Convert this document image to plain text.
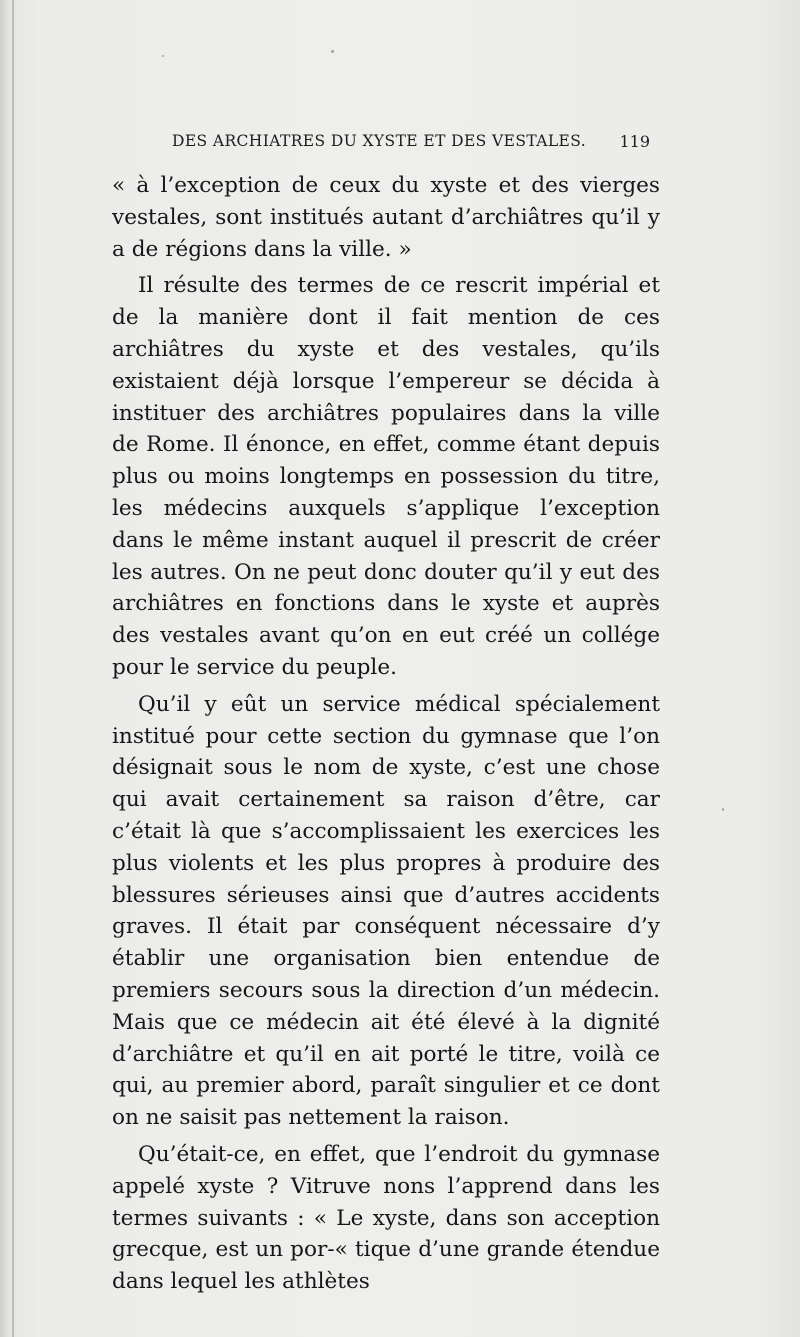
DES ARCHIATRES DU XYSTE ET DES VESTALES. 119

« à l’exception de ceux du xyste et des vierges vestales, sont institués autant d’archiâtres qu’il y a de régions dans la ville. »

Il résulte des termes de ce rescrit impérial et de la manière dont il fait mention de ces archiâtres du xyste et des vestales, qu’ils existaient déjà lorsque l’empereur se décida à instituer des archiâtres populaires dans la ville de Rome. Il énonce, en effet, comme étant depuis plus ou moins longtemps en possession du titre, les médecins auxquels s’applique l’exception dans le même instant auquel il prescrit de créer les autres. On ne peut donc douter qu’il y eut des archiâtres en fonctions dans le xyste et auprès des vestales avant qu’on en eut créé un collége pour le service du peuple.

Qu’il y eût un service médical spécialement institué pour cette section du gymnase que l’on désignait sous le nom de xyste, c’est une chose qui avait certainement sa raison d’être, car c’était là que s’accomplissaient les exercices les plus violents et les plus propres à produire des blessures sérieuses ainsi que d’autres accidents graves. Il était par conséquent nécessaire d’y établir une organisation bien entendue de premiers secours sous la direction d’un médecin. Mais que ce médecin ait été élevé à la dignité d’archiâtre et qu’il en ait porté le titre, voilà ce qui, au premier abord, paraît singulier et ce dont on ne saisit pas nettement la raison.

Qu’était-ce, en effet, que l’endroit du gymnase appelé xyste ? Vitruve nons l’apprend dans les termes suivants : « Le xyste, dans son acception grecque, est un por-« tique d’une grande étendue dans lequel les athlètes
